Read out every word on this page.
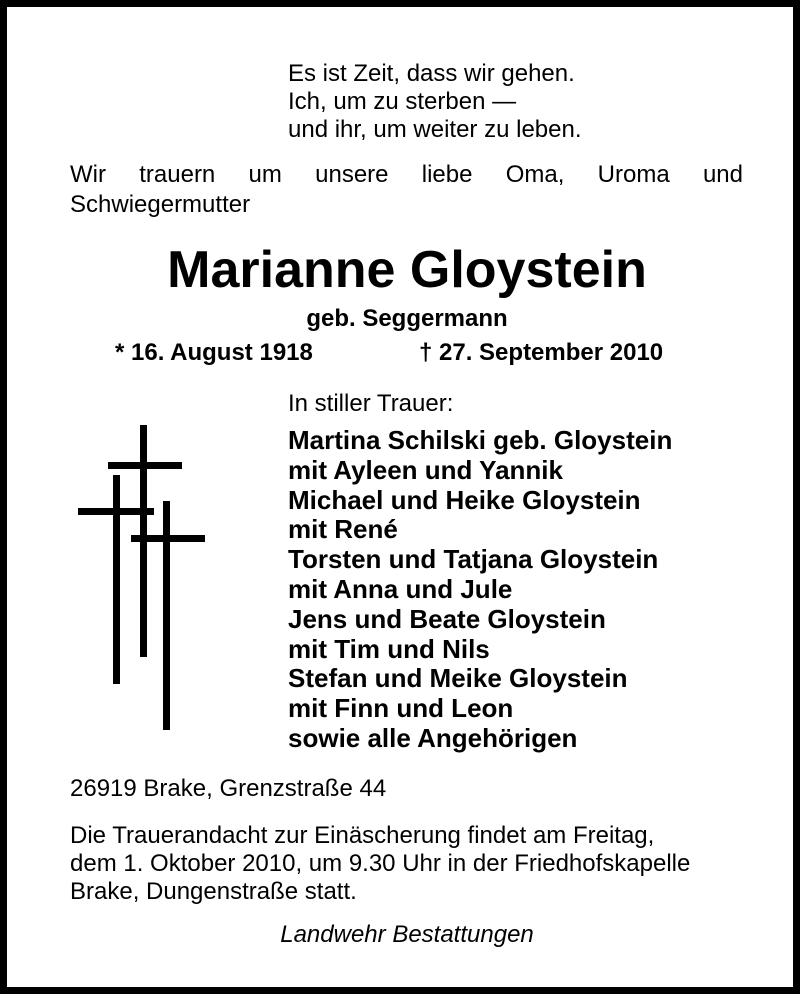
Es ist Zeit, dass wir gehen.
Ich, um zu sterben —
und ihr, um weiter zu leben.
Wir trauern um unsere liebe Oma, Uroma und
Schwiegermutter
Marianne Gloystein
geb. Seggermann
* 16. August 1918	† 27. September 2010
In stiller Trauer:
Martina Schilski geb. Gloystein
mit Ayleen und Yannik
Michael und Heike Gloystein
mit René
Torsten und Tatjana Gloystein
mit Anna und Jule
Jens und Beate Gloystein
mit Tim und Nils
Stefan und Meike Gloystein
mit Finn und Leon
sowie alle Angehörigen
26919 Brake, Grenzstraße 44
Die Trauerandacht zur Einäscherung findet am Freitag,
dem 1. Oktober 2010, um 9.30 Uhr in der Friedhofskapelle
Brake, Dungenstraße statt.
Landwehr Bestattungen
